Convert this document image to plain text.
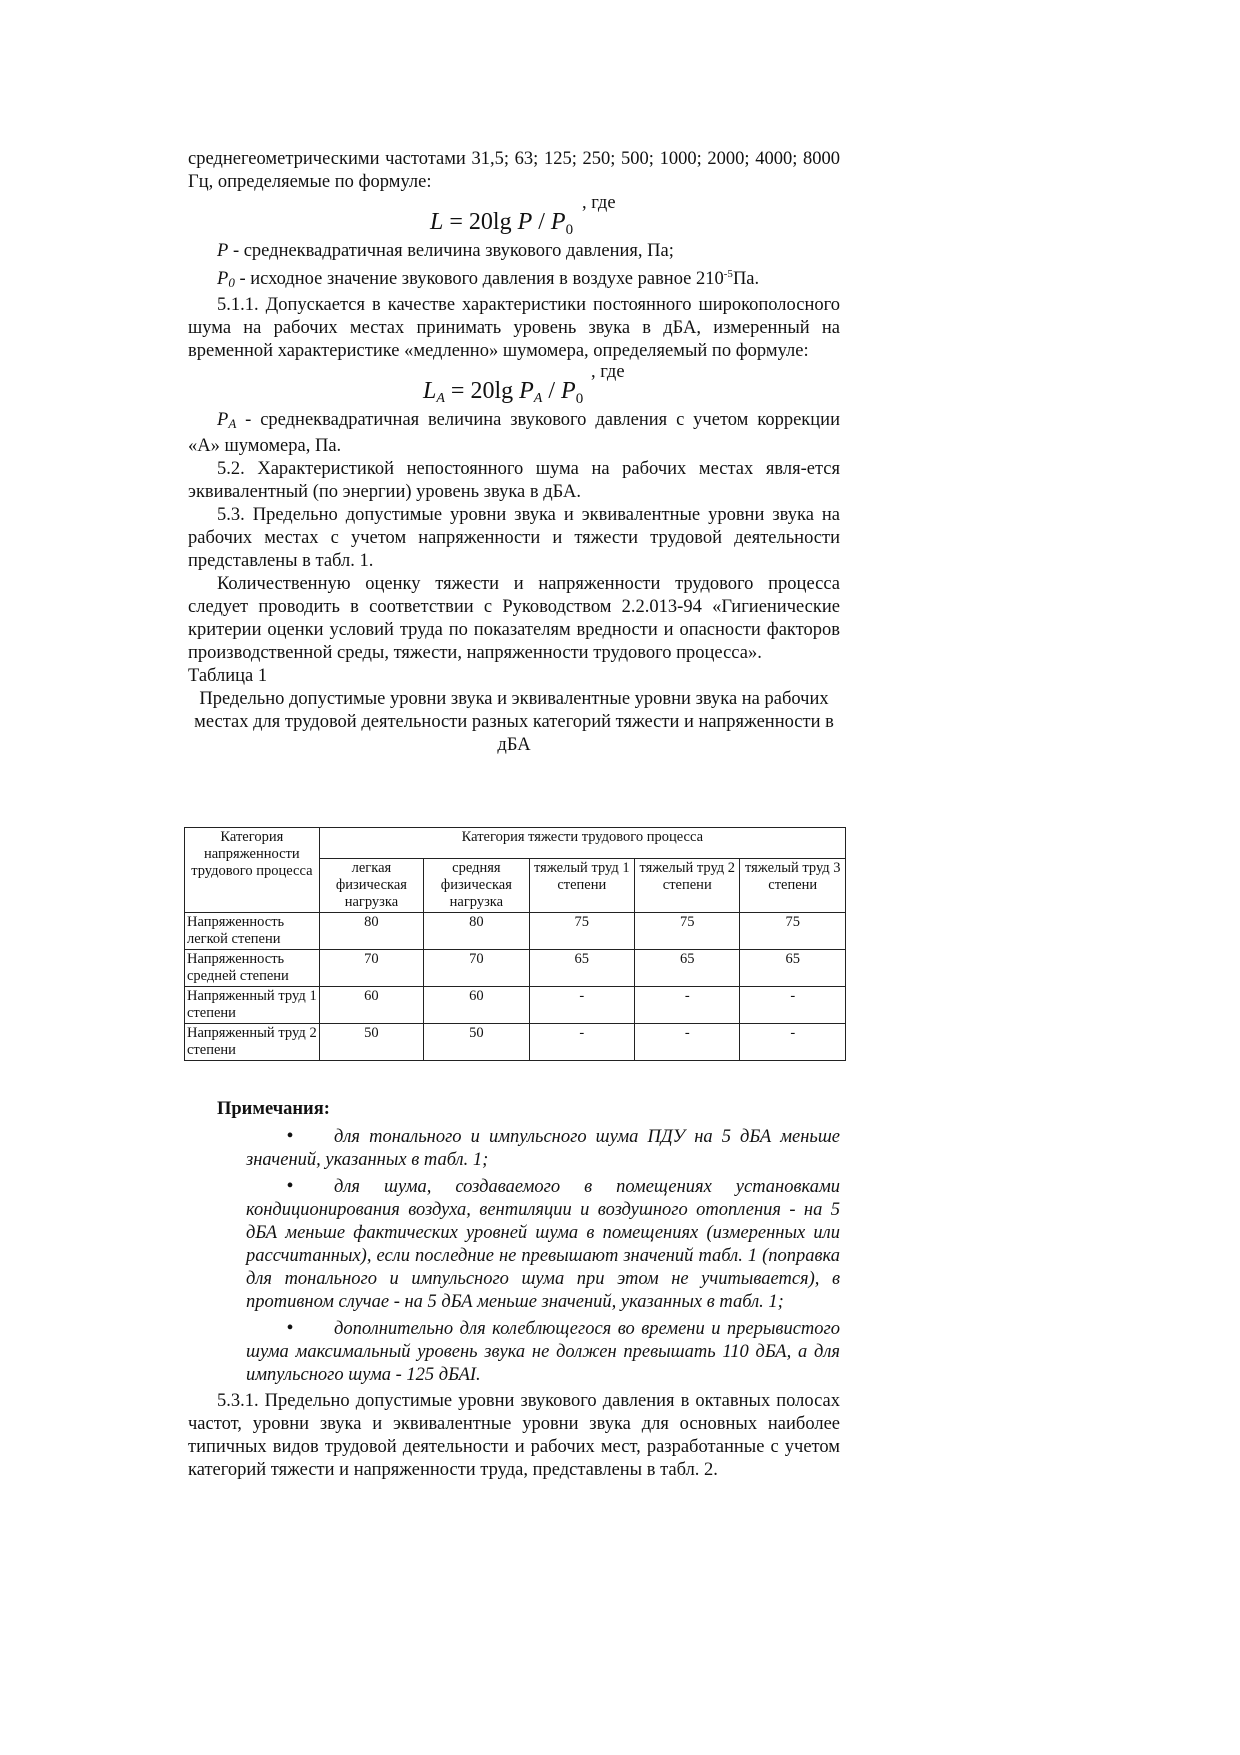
среднегеометрическими частотами 31,5; 63; 125; 250; 500; 1000; 2000; 4000; 8000 Гц, определяемые по формуле:

L = 20lg P / $P_0$
, где

P - среднеквадратичная величина звукового давления, Па;

P0 - исходное значение звукового давления в воздухе равное $210^{-5}Па$.

5.1.1. Допускается в качестве характеристики постоянного широкополосного шума на рабочих местах принимать уровень звука в дБА, измеренный на временной характеристике «медленно» шумомера, определяемый по формуле:

LA = 20lg PA / $P_0$
, где

PA - среднеквадратичная величина звукового давления с учетом коррекции «А» шумомера, Па.

5.2. Характеристикой непостоянного шума на рабочих местах явля-ется эквивалентный (по энергии) уровень звука в дБА.

5.3. Предельно допустимые уровни звука и эквивалентные уровни звука на рабочих местах с учетом напряженности и тяжести трудовой деятельности представлены в табл. 1.

Количественную оценку тяжести и напряженности трудового процесса следует проводить в соответствии с Руководством 2.2.013-94 «Гигиенические критерии оценки условий труда по показателям вредности и опасности факторов производственной среды, тяжести, напряженности трудового процесса».

Таблица 1

Предельно допустимые уровни звука и эквивалентные уровни звука на рабочих местах для трудовой деятельности разных категорий тяжести и напряженности в дБА

Категория напряженности трудового процесса	Категория тяжести трудового процесса				
	легкая физическая нагрузка	средняя физическая нагрузка	тяжелый труд 1 степени	тяжелый труд 2 степени	тяжелый труд 3 степени
Напряженность легкой степени	80	80	75	75	75
Напряженность средней степени	70	70	65	65	65
Напряженный труд 1 степени	60	60	-	-	-
Напряженный труд 2 степени	50	50	-	-	-

Примечания:

• для тонального и импульсного шума ПДУ на 5 дБА меньше значений, указанных в табл. 1;

• для шума, создаваемого в помещениях установками кондиционирования воздуха, вентиляции и воздушного отопления - на 5 дБА меньше фактических уровней шума в помещениях (измеренных или рассчитанных), если последние не превышают значений табл. 1 (поправка для тонального и импульсного шума при этом не учитывается), в противном случае - на 5 дБА меньше значений, указанных в табл. 1;

• дополнительно для колеблющегося во времени и прерывистого шума максимальный уровень звука не должен превышать 110 дБА, а для импульсного шума - 125 дБАI.

5.3.1. Предельно допустимые уровни звукового давления в октавных полосах частот, уровни звука и эквивалентные уровни звука для основных наиболее типичных видов трудовой деятельности и рабочих мест, разработанные с учетом категорий тяжести и напряженности труда, представлены в табл. 2.
